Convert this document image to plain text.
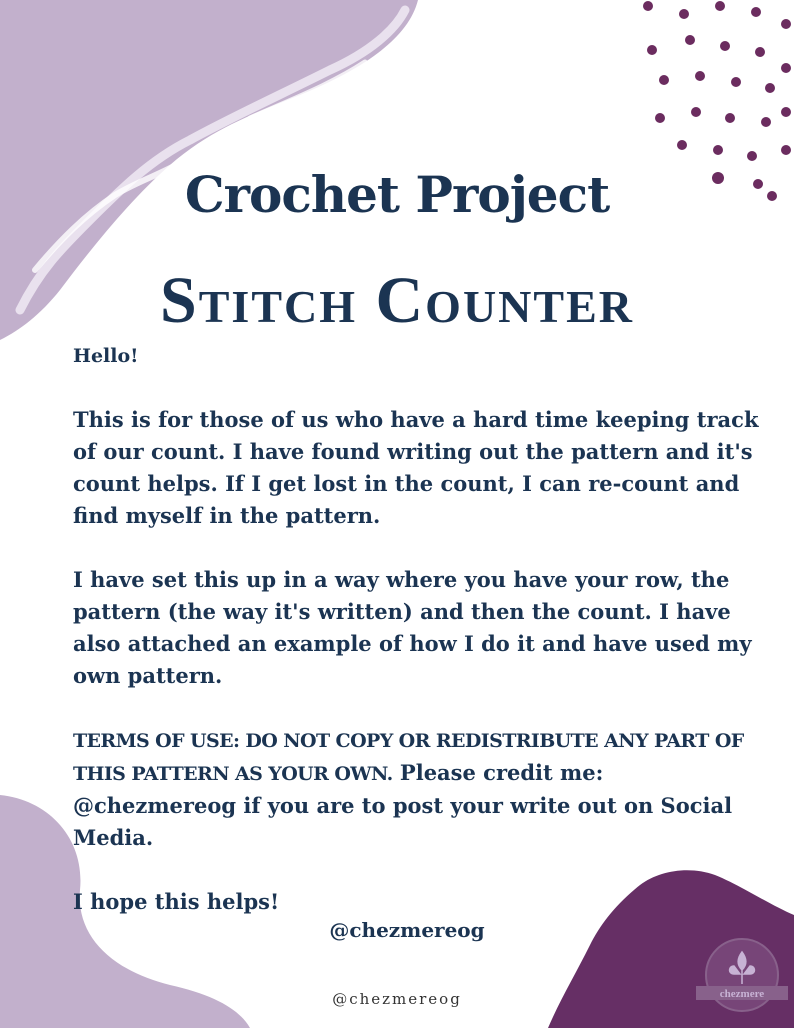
chezmere
Crochet Project
Stitch Counter

Hello!

This is for those of us who have a hard time keeping track of our count. I have found writing out the pattern and it's count helps. If I get lost in the count, I can re-count and find myself in the pattern.

I have set this up in a way where you have your row, the pattern (the way it's written) and then the count. I have also attached an example of how I do it and have used my own pattern.

TERMS OF USE: DO NOT COPY OR REDISTRIBUTE ANY PART OF THIS PATTERN AS YOUR OWN. Please credit me: @chezmereog if you are to post your write out on Social Media.

I hope this helps!

@chezmereog

@chezmereog
